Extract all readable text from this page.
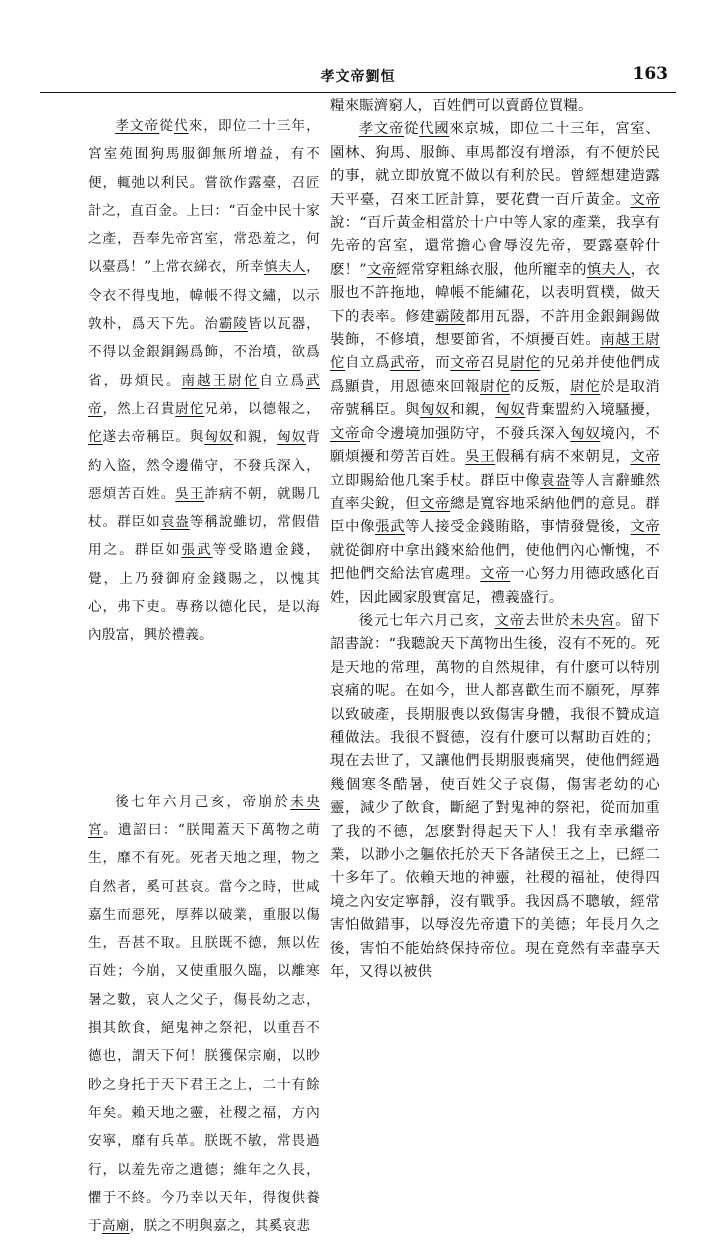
孝文帝劉恒	163

孝文帝從代來，即位二十三年，宮室苑囿狗馬服御無所增益，有不便，輒弛以利民。嘗欲作露臺，召匠計之，直百金。上曰：“百金中民十家之產，吾奉先帝宮室，常恐羞之，何以臺爲！”上常衣綈衣，所幸慎夫人，令衣不得曳地，幃帳不得文繡，以示敦朴，爲天下先。治霸陵皆以瓦器，不得以金銀銅錫爲飾，不治墳，欲爲省，毋煩民。南越王尉佗自立爲武帝，然上召貴尉佗兄弟，以德報之，佗遂去帝稱臣。與匈奴和親，匈奴背約入盜，然令邊備守，不發兵深入，惡煩苦百姓。吳王詐病不朝，就賜几杖。群臣如袁盎等稱說雖切，常假借用之。群臣如張武等受賂遺金錢，覺，上乃發御府金錢賜之，以愧其心，弗下吏。專務以德化民，是以海內殷富，興於禮義。

後七年六月己亥，帝崩於未央宮。遺詔曰：“朕聞蓋天下萬物之萌生，靡不有死。死者天地之理，物之自然者，奚可甚哀。當今之時，世咸嘉生而惡死，厚葬以破業，重服以傷生，吾甚不取。且朕既不德，無以佐百姓；今崩，又使重服久臨，以離寒暑之數，哀人之父子，傷長幼之志，損其飲食，絕鬼神之祭祀，以重吾不德也，謂天下何！朕獲保宗廟，以眇眇之身托于天下君王之上，二十有餘年矣。賴天地之靈，社稷之福，方內安寧，靡有兵革。朕既不敏，常畏過行，以羞先帝之遺德；維年之久長，懼于不終。今乃幸以天年，得復供養于高廟，朕之不明與嘉之，其奚哀悲

糧來賑濟窮人，百姓們可以賣爵位買糧。

孝文帝從代國來京城，即位二十三年，宮室、園林、狗馬、服飾、車馬都沒有增添，有不便於民的事，就立即放寬不做以有利於民。曾經想建造露天平臺，召來工匠計算，要花費一百斤黃金。文帝說：“百斤黃金相當於十户中等人家的產業，我享有先帝的宮室，還常擔心會辱沒先帝，要露臺幹什麽！”文帝經常穿粗絲衣服，他所寵幸的慎夫人，衣服也不許拖地，幃帳不能繡花，以表明質樸，做天下的表率。修建霸陵都用瓦器，不許用金銀銅錫做裝飾，不修墳，想要節省，不煩擾百姓。南越王尉佗自立爲武帝，而文帝召見尉佗的兄弟并使他們成爲顯貴，用恩德來回報尉佗的反叛，尉佗於是取消帝號稱臣。與匈奴和親，匈奴背棄盟約入境騷擾，文帝命令邊境加强防守，不發兵深入匈奴境內，不願煩擾和勞苦百姓。吳王假稱有病不來朝見，文帝立即賜給他几案手杖。群臣中像袁盎等人言辭雖然直率尖銳，但文帝總是寬容地采納他們的意見。群臣中像張武等人接受金錢賄賂，事情發覺後，文帝就從御府中拿出錢來給他們，使他們內心慚愧，不把他們交給法官處理。文帝一心努力用德政感化百姓，因此國家殷實富足，禮義盛行。

後元七年六月己亥，文帝去世於未央宮。留下詔書說：“我聽說天下萬物出生後，沒有不死的。死是天地的常理，萬物的自然規律，有什麽可以特別哀痛的呢。在如今，世人都喜歡生而不願死，厚葬以致破產，長期服喪以致傷害身體，我很不贊成這種做法。我很不賢德，沒有什麽可以幫助百姓的；現在去世了，又讓他們長期服喪痛哭，使他們經過幾個寒冬酷暑，使百姓父子哀傷，傷害老幼的心靈，減少了飲食，斷絕了對鬼神的祭祀，從而加重了我的不德，怎麽對得起天下人！我有幸承繼帝業，以渺小之軀依托於天下各諸侯王之上，已經二十多年了。依賴天地的神靈，社稷的福祉，使得四境之內安定寧靜，沒有戰爭。我因爲不聰敏，經常害怕做錯事，以辱沒先帝遺下的美德；年長月久之後，害怕不能始終保持帝位。現在竟然有幸盡享天年，又得以被供
